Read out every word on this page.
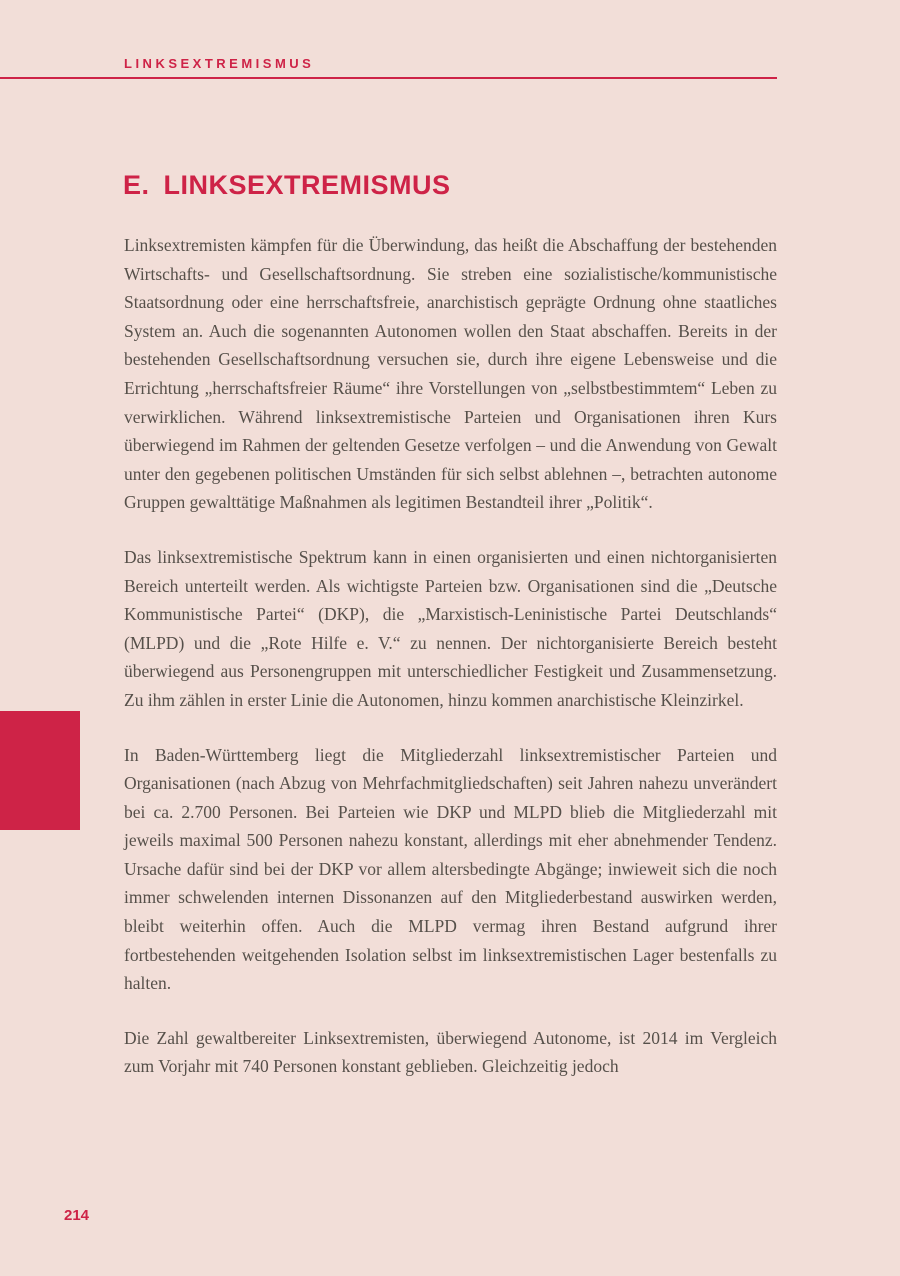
LINKSEXTREMISMUS
E. LINKSEXTREMISMUS

Linksextremisten kämpfen für die Überwindung, das heißt die Abschaffung der bestehenden Wirtschafts- und Gesellschaftsordnung. Sie streben eine sozialistische/kommunistische Staatsordnung oder eine herrschaftsfreie, anarchistisch geprägte Ordnung ohne staatliches System an. Auch die sogenannten Autonomen wollen den Staat abschaffen. Bereits in der bestehenden Gesellschaftsordnung versuchen sie, durch ihre eigene Lebensweise und die Errichtung „herrschaftsfreier Räume“ ihre Vorstellungen von „selbstbestimmtem“ Leben zu verwirklichen. Während linksextremistische Parteien und Organisationen ihren Kurs überwiegend im Rahmen der geltenden Gesetze verfolgen – und die Anwendung von Gewalt unter den gegebenen politischen Umständen für sich selbst ablehnen –, betrachten autonome Gruppen gewalttätige Maßnahmen als legitimen Bestandteil ihrer „Politik“.

Das linksextremistische Spektrum kann in einen organisierten und einen nichtorganisierten Bereich unterteilt werden. Als wichtigste Parteien bzw. Organisationen sind die „Deutsche Kommunistische Partei“ (DKP), die „Marxistisch-Leninistische Partei Deutschlands“ (MLPD) und die „Rote Hilfe e. V.“ zu nennen. Der nichtorganisierte Bereich besteht überwiegend aus Personengruppen mit unterschiedlicher Festigkeit und Zusammensetzung. Zu ihm zählen in erster Linie die Autonomen, hinzu kommen anarchistische Kleinzirkel.

In Baden-Württemberg liegt die Mitgliederzahl linksextremistischer Parteien und Organisationen (nach Abzug von Mehrfachmitgliedschaften) seit Jahren nahezu unverändert bei ca. 2.700 Personen. Bei Parteien wie DKP und MLPD blieb die Mitgliederzahl mit jeweils maximal 500 Personen nahezu konstant, allerdings mit eher abnehmender Tendenz. Ursache dafür sind bei der DKP vor allem altersbedingte Abgänge; inwieweit sich die noch immer schwelenden internen Dissonanzen auf den Mitgliederbestand auswirken werden, bleibt weiterhin offen. Auch die MLPD vermag ihren Bestand aufgrund ihrer fortbestehenden weitgehenden Isolation selbst im linksextremistischen Lager bestenfalls zu halten.

Die Zahl gewaltbereiter Linksextremisten, überwiegend Autonome, ist 2014 im Vergleich zum Vorjahr mit 740 Personen konstant geblieben. Gleichzeitig jedoch

214
